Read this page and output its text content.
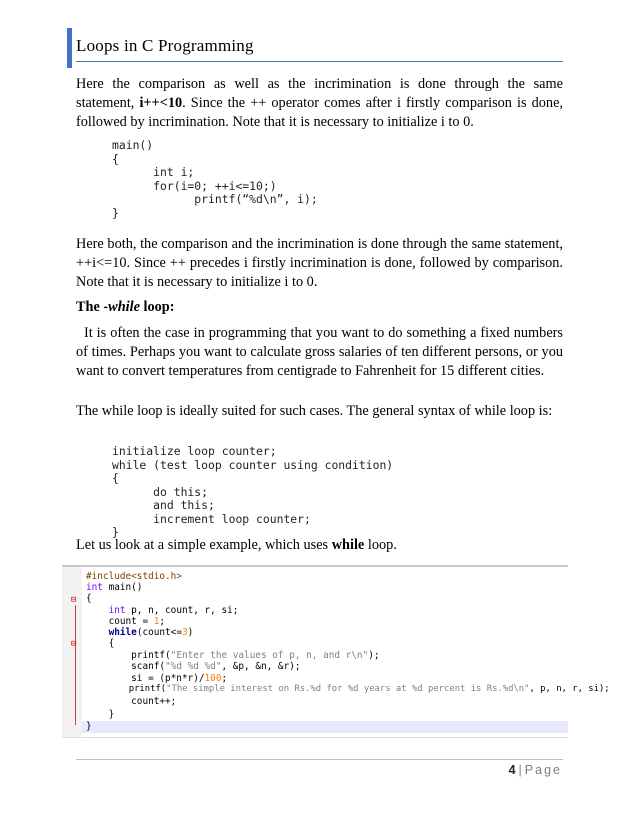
Loops in C Programming

Here the comparison as well as the incrimination is done through the same statement, i++<10. Since the ++ operator comes after i firstly comparison is done, followed by incrimination. Note that it is necessary to initialize i to 0.

main()
{
int i;
for(i=0; ++i<=10;)
printf(“%d\n”, i);
}

Here both, the comparison and the incrimination is done through the same statement, ++i<=10. Since ++ precedes i firstly incrimination is done, followed by comparison. Note that it is necessary to initialize i to 0.

The -while loop:

It is often the case in programming that you want to do something a fixed numbers of times. Perhaps you want to calculate gross salaries of ten different persons, or you want to convert temperatures from centigrade to Fahrenheit for 15 different cities.

The while loop is ideally suited for such cases. The general syntax of while loop is:

initialize loop counter;
while (test loop counter using condition)
{
do this;
and this;
increment loop counter;
}

Let us look at a simple example, which uses while loop.

⊟
⊟
#include<stdio.h>
int main()
{
int p, n, count, r, si;
count = 1;
while(count<=3)
{
printf("Enter the values of p, n, and r\n");
scanf("%d %d %d", &p, &n, &r);
si = (p*n*r)/100;
printf("The simple interest on Rs.%d for %d years at %d percent is Rs.%d\n", p, n, r, si);
count++;
}
}
4 | Page
